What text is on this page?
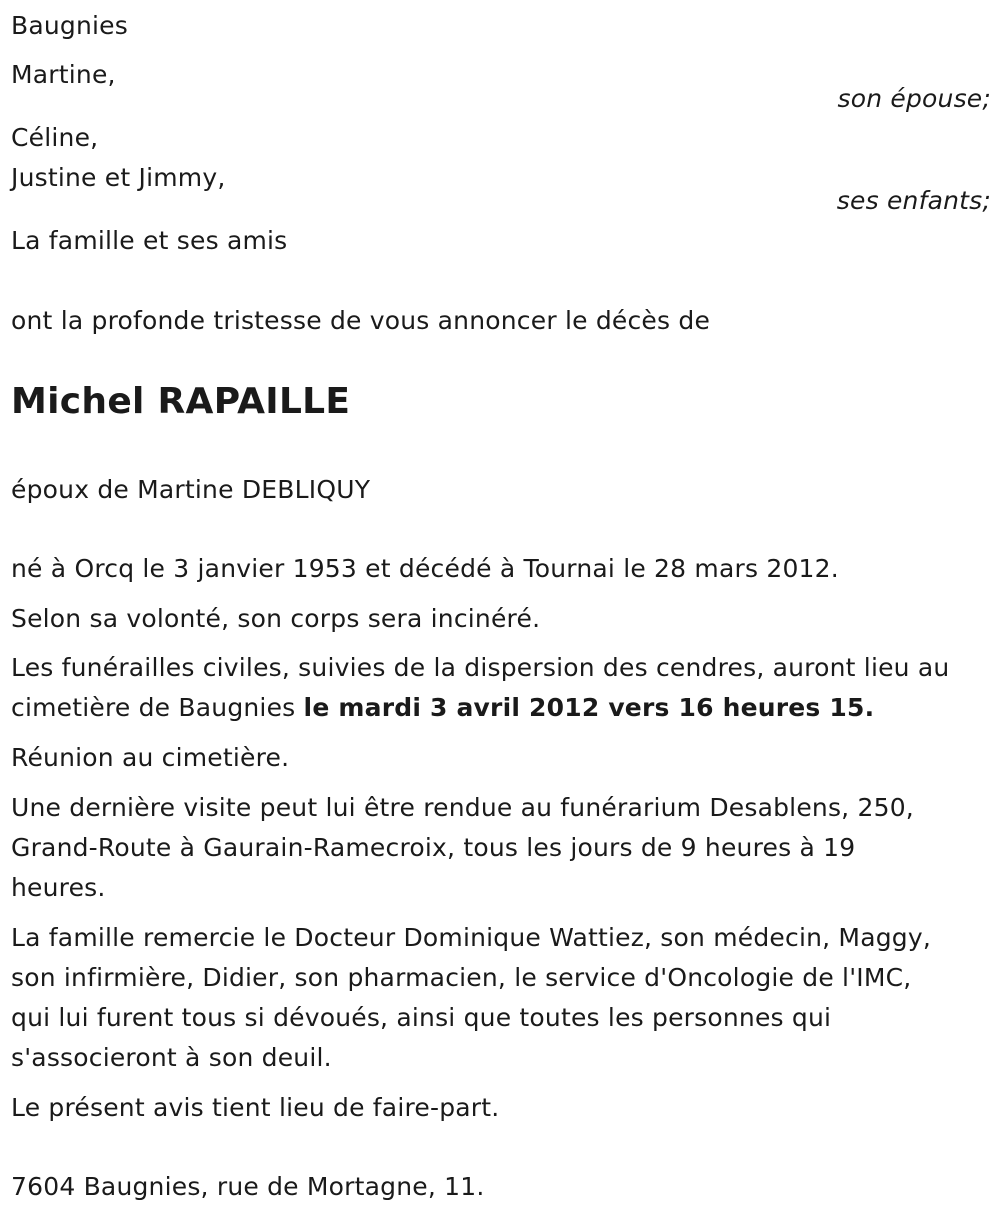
Baugnies
Martine,
son épouse;
Céline,
Justine et Jimmy,
ses enfants;
La famille et ses amis
ont la profonde tristesse de vous annoncer le décès de
Michel RAPAILLE
époux de Martine DEBLIQUY
né à Orcq le 3 janvier 1953 et décédé à Tournai le 28 mars 2012.
Selon sa volonté, son corps sera incinéré.
Les funérailles civiles, suivies de la dispersion des cendres, auront lieu au
cimetière de Baugnies le mardi 3 avril 2012 vers 16 heures 15.
Réunion au cimetière.
Une dernière visite peut lui être rendue au funérarium Desablens, 250,
Grand-Route à Gaurain-Ramecroix, tous les jours de 9 heures à 19
heures.
La famille remercie le Docteur Dominique Wattiez, son médecin, Maggy,
son infirmière, Didier, son pharmacien, le service d'Oncologie de l'IMC,
qui lui furent tous si dévoués, ainsi que toutes les personnes qui
s'associeront à son deuil.
Le présent avis tient lieu de faire-part.
7604 Baugnies, rue de Mortagne, 11.
